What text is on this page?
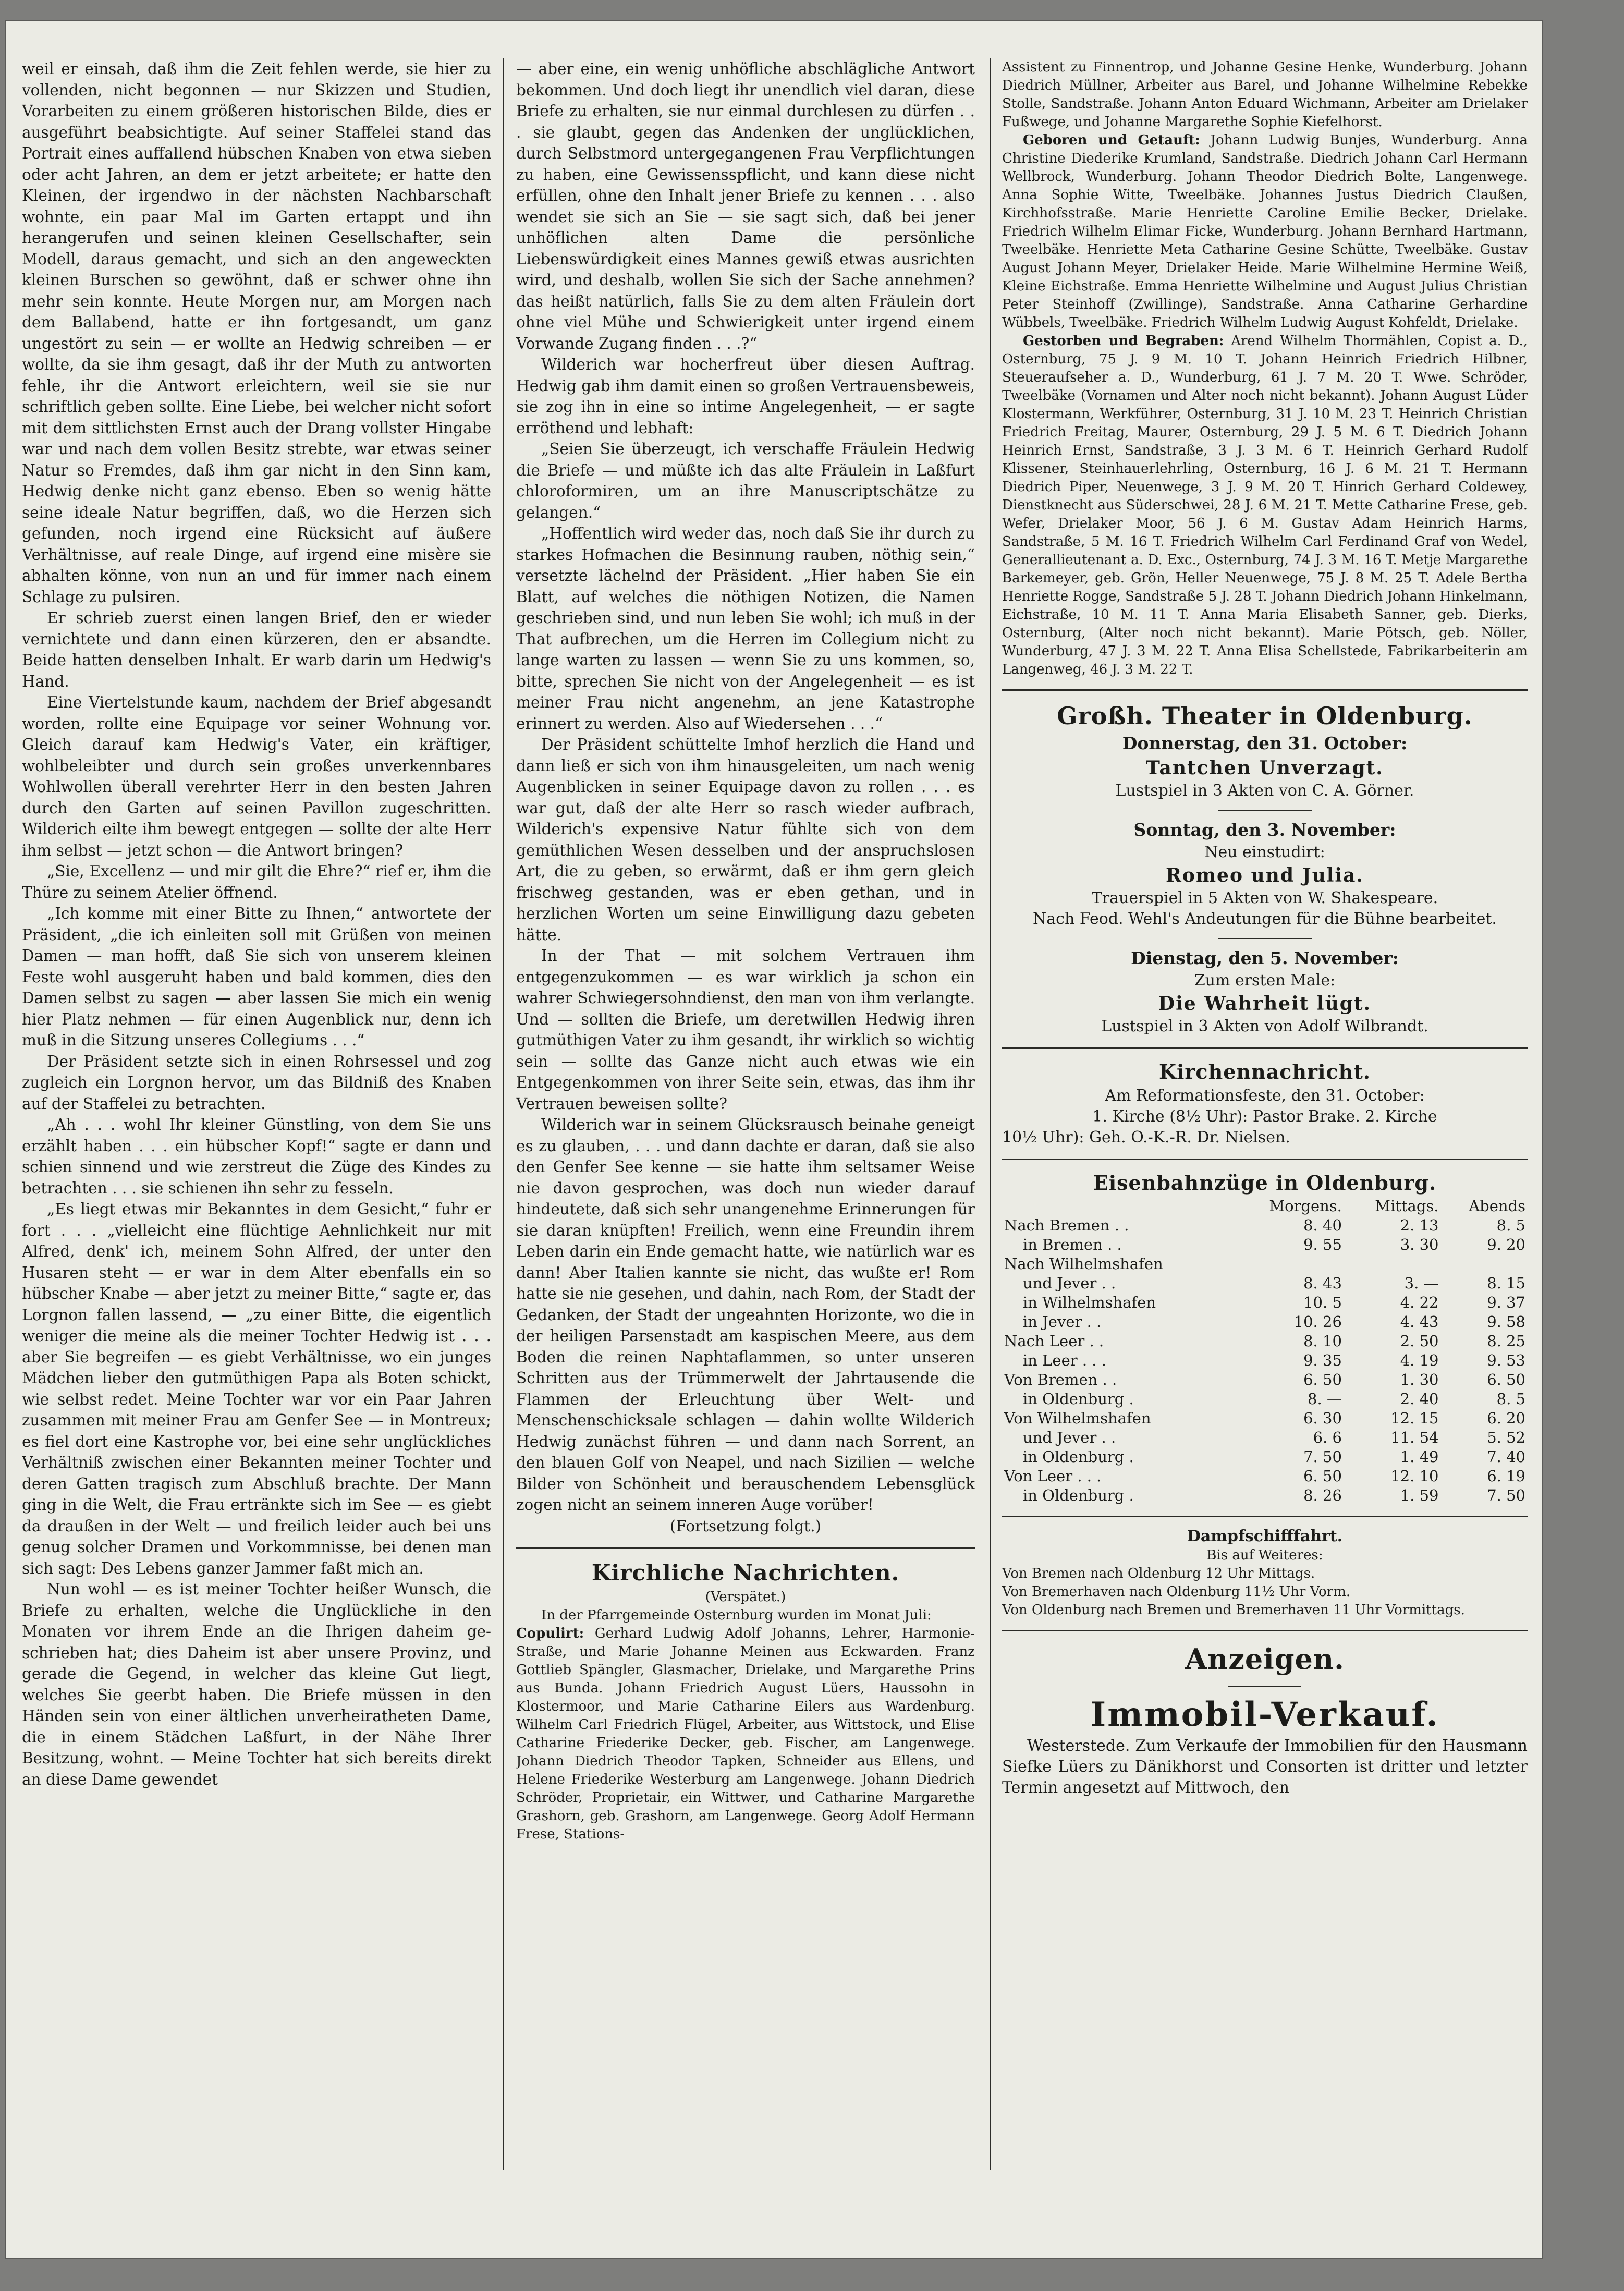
weil er einsah, daß ihm die Zeit fehlen werde, sie hier zu vollenden, nicht begonnen — nur Skizzen und Studien, Vorarbeiten zu einem größeren historischen Bilde, dies er ausgeführt beabsichtigte. Auf seiner Staffelei stand das Portrait eines auffallend hübschen Knaben von etwa sieben oder acht Jahren, an dem er jetzt arbeitete; er hatte den Kleinen, der irgendwo in der nächsten Nachbarschaft wohnte, ein paar Mal im Garten ertappt und ihn herangerufen und seinen kleinen Gesellschafter, sein Modell, daraus gemacht, und sich an den angeweckten kleinen Burschen so gewöhnt, daß er schwer ohne ihn mehr sein konnte. Heute Morgen nur, am Morgen nach dem Ballabend, hatte er ihn fortgesandt, um ganz ungestört zu sein — er wollte an Hedwig schreiben — er wollte, da sie ihm gesagt, daß ihr der Muth zu antworten fehle, ihr die Antwort erleichtern, weil sie sie nur schriftlich geben sollte. Eine Liebe, bei welcher nicht sofort mit dem sittlichsten Ernst auch der Drang vollster Hingabe war und nach dem vollen Besitz strebte, war etwas seiner Natur so Fremdes, daß ihm gar nicht in den Sinn kam, Hedwig denke nicht ganz ebenso. Eben so wenig hätte seine ideale Natur begriffen, daß, wo die Herzen sich gefunden, noch irgend eine Rücksicht auf äußere Verhältnisse, auf reale Dinge, auf irgend eine misère sie abhalten könne, von nun an und für immer nach einem Schlage zu pulsiren.
Er schrieb zuerst einen langen Brief, den er wieder vernichtete und dann einen kürzeren, den er absandte. Beide hatten denselben Inhalt. Er warb darin um Hedwig's Hand.
Eine Viertelstunde kaum, nachdem der Brief abgesandt worden, rollte eine Equipage vor seiner Wohnung vor. Gleich darauf kam Hedwig's Vater, ein kräftiger, wohlbeleibter und durch sein großes unverkennbares Wohlwollen überall verehrter Herr in den besten Jahren durch den Garten auf seinen Pavillon zugeschritten. Wilderich eilte ihm bewegt entgegen — sollte der alte Herr ihm selbst — jetzt schon — die Antwort bringen?
„Sie, Excellenz — und mir gilt die Ehre?“ rief er, ihm die Thüre zu seinem Atelier öffnend.
„Ich komme mit einer Bitte zu Ihnen,“ antwortete der Präsident, „die ich einleiten soll mit Grüßen von meinen Damen — man hofft, daß Sie sich von unserem kleinen Feste wohl ausgeruht haben und bald kommen, dies den Damen selbst zu sagen — aber lassen Sie mich ein wenig hier Platz nehmen — für einen Augenblick nur, denn ich muß in die Sitzung unseres Collegiums . . .“
Der Präsident setzte sich in einen Rohrsessel und zog zugleich ein Lorgnon hervor, um das Bildniß des Knaben auf der Staffelei zu betrachten.
„Ah . . . wohl Ihr kleiner Günstling, von dem Sie uns erzählt haben . . . ein hübscher Kopf!“ sagte er dann und schien sinnend und wie zerstreut die Züge des Kindes zu betrachten . . . sie schienen ihn sehr zu fesseln.
„Es liegt etwas mir Bekanntes in dem Gesicht,“ fuhr er fort . . . „vielleicht eine flüchtige Aehnlichkeit nur mit Alfred, denk' ich, meinem Sohn Alfred, der unter den Husaren steht — er war in dem Alter ebenfalls ein so hübscher Knabe — aber jetzt zu meiner Bitte,“ sagte er, das Lorgnon fallen lassend, — „zu einer Bitte, die eigentlich weniger die meine als die meiner Tochter Hedwig ist . . . aber Sie begreifen — es giebt Verhältnisse, wo ein junges Mädchen lieber den gutmüthigen Papa als Boten schickt, wie selbst redet. Meine Tochter war vor ein Paar Jahren zusammen mit meiner Frau am Genfer See — in Montreux; es fiel dort eine Kastrophe vor, bei eine sehr unglückliches Verhältniß zwischen einer Bekannten meiner Tochter und deren Gatten tragisch zum Abschluß brachte. Der Mann ging in die Welt, die Frau ertränkte sich im See — es giebt da draußen in der Welt — und freilich leider auch bei uns genug solcher Dramen und Vorkommnisse, bei denen man sich sagt: Des Lebens ganzer Jammer faßt mich an.
Nun wohl — es ist meiner Tochter heißer Wunsch, die Briefe zu erhalten, welche die Unglückliche in den Monaten vor ihrem Ende an die Ihrigen daheim geschrieben hat; dies Daheim ist aber unsere Provinz, und gerade die Gegend, in welcher das kleine Gut liegt, welches Sie geerbt haben. Die Briefe müssen in den Händen sein von einer ältlichen unverheiratheten Dame, die in einem Städchen Laßfurt, in der Nähe Ihrer Besitzung, wohnt. — Meine Tochter hat sich bereits direkt an diese Dame gewendet
— aber eine, ein wenig unhöfliche abschlägliche Antwort bekommen. Und doch liegt ihr unendlich viel daran, diese Briefe zu erhalten, sie nur einmal durchlesen zu dürfen . . . sie glaubt, gegen das Andenken der unglücklichen, durch Selbstmord untergegangenen Frau Verpflichtungen zu haben, eine Gewissensspflicht, und kann diese nicht erfüllen, ohne den Inhalt jener Briefe zu kennen . . . also wendet sie sich an Sie — sie sagt sich, daß bei jener unhöflichen alten Dame die persönliche Liebenswürdigkeit eines Mannes gewiß etwas ausrichten wird, und deshalb, wollen Sie sich der Sache annehmen? das heißt natürlich, falls Sie zu dem alten Fräulein dort ohne viel Mühe und Schwierigkeit unter irgend einem Vorwande Zugang finden . . .?“
Wilderich war hocherfreut über diesen Auftrag. Hedwig gab ihm damit einen so großen Vertrauensbeweis, sie zog ihn in eine so intime Angelegenheit, — er sagte erröthend und lebhaft:
„Seien Sie überzeugt, ich verschaffe Fräulein Hedwig die Briefe — und müßte ich das alte Fräulein in Laßfurt chloroformiren, um an ihre Manuscriptschätze zu gelangen.“
„Hoffentlich wird weder das, noch daß Sie ihr durch zu starkes Hofmachen die Besinnung rauben, nöthig sein,“ versetzte lächelnd der Präsident. „Hier haben Sie ein Blatt, auf welches die nöthigen Notizen, die Namen geschrieben sind, und nun leben Sie wohl; ich muß in der That aufbrechen, um die Herren im Collegium nicht zu lange warten zu lassen — wenn Sie zu uns kommen, so, bitte, sprechen Sie nicht von der Angelegenheit — es ist meiner Frau nicht angenehm, an jene Katastrophe erinnert zu werden. Also auf Wiedersehen . . .“
Der Präsident schüttelte Imhof herzlich die Hand und dann ließ er sich von ihm hinausgeleiten, um nach wenig Augenblicken in seiner Equipage davon zu rollen . . . es war gut, daß der alte Herr so rasch wieder aufbrach, Wilderich's expensive Natur fühlte sich von dem gemüthlichen Wesen desselben und der anspruchslosen Art, die zu geben, so erwärmt, daß er ihm gern gleich frischweg gestanden, was er eben gethan, und in herzlichen Worten um seine Einwilligung dazu gebeten hätte.
In der That — mit solchem Vertrauen ihm entgegenzukommen — es war wirklich ja schon ein wahrer Schwiegersohndienst, den man von ihm verlangte. Und — sollten die Briefe, um deretwillen Hedwig ihren gutmüthigen Vater zu ihm gesandt, ihr wirklich so wichtig sein — sollte das Ganze nicht auch etwas wie ein Entgegenkommen von ihrer Seite sein, etwas, das ihm ihr Vertrauen beweisen sollte?
Wilderich war in seinem Glücksrausch beinahe geneigt es zu glauben, . . . und dann dachte er daran, daß sie also den Genfer See kenne — sie hatte ihm seltsamer Weise nie davon gesprochen, was doch nun wieder darauf hindeutete, daß sich sehr unangenehme Erinnerungen für sie daran knüpften! Freilich, wenn eine Freundin ihrem Leben darin ein Ende gemacht hatte, wie natürlich war es dann! Aber Italien kannte sie nicht, das wußte er! Rom hatte sie nie gesehen, und dahin, nach Rom, der Stadt der Gedanken, der Stadt der ungeahnten Horizonte, wo die in der heiligen Parsenstadt am kaspischen Meere, aus dem Boden die reinen Naphtaflammen, so unter unseren Schritten aus der Trümmerwelt der Jahrtausende die Flammen der Erleuchtung über Welt- und Menschenschicksale schlagen — dahin wollte Wilderich Hedwig zunächst führen — und dann nach Sorrent, an den blauen Golf von Neapel, und nach Sizilien — welche Bilder von Schönheit und berauschendem Lebensglück zogen nicht an seinem inneren Auge vorüber!
(Fortsetzung folgt.)
Kirchliche Nachrichten.
(Verspätet.)
In der Pfarrgemeinde Osternburg wurden im Monat Juli:
Copulirt: Gerhard Ludwig Adolf Johanns, Lehrer, Harmonie-Straße, und Marie Johanne Meinen aus Eckwarden. Franz Gottlieb Spängler, Glasmacher, Drielake, und Margarethe Prins aus Bunda. Johann Friedrich August Lüers, Haussohn in Klostermoor, und Marie Catharine Eilers aus Wardenburg. Wilhelm Carl Friedrich Flügel, Arbeiter, aus Wittstock, und Elise Catharine Friederike Decker, geb. Fischer, am Langenwege. Johann Diedrich Theodor Tapken, Schneider aus Ellens, und Helene Friederike Westerburg am Langenwege. Johann Diedrich Schröder, Proprietair, ein Wittwer, und Catharine Margarethe Grashorn, geb. Grashorn, am Langenwege. Georg Adolf Hermann Frese, Stations-
Assistent zu Finnentrop, und Johanne Gesine Henke, Wunderburg. Johann Diedrich Müllner, Arbeiter aus Barel, und Johanne Wilhelmine Rebekke Stolle, Sandstraße. Johann Anton Eduard Wichmann, Arbeiter am Drielaker Fußwege, und Johanne Margarethe Sophie Kiefelhorst.
Geboren und Getauft: Johann Ludwig Bunjes, Wunderburg. Anna Christine Diederike Krumland, Sandstraße. Diedrich Johann Carl Hermann Wellbrock, Wunderburg. Johann Theodor Diedrich Bolte, Langenwege. Anna Sophie Witte, Tweelbäke. Johannes Justus Diedrich Claußen, Kirchhofsstraße. Marie Henriette Caroline Emilie Becker, Drielake. Friedrich Wilhelm Elimar Ficke, Wunderburg. Johann Bernhard Hartmann, Tweelbäke. Henriette Meta Catharine Gesine Schütte, Tweelbäke. Gustav August Johann Meyer, Drielaker Heide. Marie Wilhelmine Hermine Weiß, Kleine Eichstraße. Emma Henriette Wilhelmine und August Julius Christian Peter Steinhoff (Zwillinge), Sandstraße. Anna Catharine Gerhardine Wübbels, Tweelbäke. Friedrich Wilhelm Ludwig August Kohfeldt, Drielake.
Gestorben und Begraben: Arend Wilhelm Thormählen, Copist a. D., Osternburg, 75 J. 9 M. 10 T. Johann Heinrich Friedrich Hilbner, Steueraufseher a. D., Wunderburg, 61 J. 7 M. 20 T. Wwe. Schröder, Tweelbäke (Vornamen und Alter noch nicht bekannt). Johann August Lüder Klostermann, Werkführer, Osternburg, 31 J. 10 M. 23 T. Heinrich Christian Friedrich Freitag, Maurer, Osternburg, 29 J. 5 M. 6 T. Diedrich Johann Heinrich Ernst, Sandstraße, 3 J. 3 M. 6 T. Heinrich Gerhard Rudolf Klissener, Steinhauerlehrling, Osternburg, 16 J. 6 M. 21 T. Hermann Diedrich Piper, Neuenwege, 3 J. 9 M. 20 T. Hinrich Gerhard Coldewey, Dienstknecht aus Süderschwei, 28 J. 6 M. 21 T. Mette Catharine Frese, geb. Wefer, Drielaker Moor, 56 J. 6 M. Gustav Adam Heinrich Harms, Sandstraße, 5 M. 16 T. Friedrich Wilhelm Carl Ferdinand Graf von Wedel, Generallieutenant a. D. Exc., Osternburg, 74 J. 3 M. 16 T. Metje Margarethe Barkemeyer, geb. Grön, Heller Neuenwege, 75 J. 8 M. 25 T. Adele Bertha Henriette Rogge, Sandstraße 5 J. 28 T. Johann Diedrich Johann Hinkelmann, Eichstraße, 10 M. 11 T. Anna Maria Elisabeth Sanner, geb. Dierks, Osternburg, (Alter noch nicht bekannt). Marie Pötsch, geb. Nöller, Wunderburg, 47 J. 3 M. 22 T. Anna Elisa Schellstede, Fabrikarbeiterin am Langenweg, 46 J. 3 M. 22 T.
Großh. Theater in Oldenburg.
Donnerstag, den 31. October:
Tantchen Unverzagt.
Lustspiel in 3 Akten von C. A. Görner.
Sonntag, den 3. November:
Neu einstudirt:
Romeo und Julia.
Trauerspiel in 5 Akten von W. Shakespeare.
Nach Feod. Wehl's Andeutungen für die Bühne bearbeitet.
Dienstag, den 5. November:
Zum ersten Male:
Die Wahrheit lügt.
Lustspiel in 3 Akten von Adolf Wilbrandt.
Kirchennachricht.
Am Reformationsfeste, den 31. October:
1. Kirche (8½ Uhr): Pastor Brake. 2. Kirche
10½ Uhr): Geh. O.-K.-R. Dr. Nielsen.
Eisenbahnzüge in Oldenburg.
	Morgens.	Mittags.	Abends
Nach Bremen . .	8. 40	2. 13	8. 5
in Bremen . .	9. 55	3. 30	9. 20
Nach Wilhelmshafen			
und Jever . .	8. 43	3. —	8. 15
in Wilhelmshafen	10. 5	4. 22	9. 37
in Jever . .	10. 26	4. 43	9. 58
Nach Leer . .	8. 10	2. 50	8. 25
in Leer . . .	9. 35	4. 19	9. 53
Von Bremen . .	6. 50	1. 30	6. 50
in Oldenburg .	8. —	2. 40	8. 5
Von Wilhelmshafen	6. 30	12. 15	6. 20
und Jever . .	6. 6	11. 54	5. 52
in Oldenburg .	7. 50	1. 49	7. 40
Von Leer . . .	6. 50	12. 10	6. 19
in Oldenburg .	8. 26	1. 59	7. 50
Dampfschifffahrt.
Bis auf Weiteres:
Von Bremen nach Oldenburg 12 Uhr Mittags.
Von Bremerhaven nach Oldenburg 11½ Uhr Vorm.
Von Oldenburg nach Bremen und Bremerhaven 11 Uhr Vormittags.
Anzeigen.
Immobil-Verkauf.
Westerstede. Zum Verkaufe der Immobilien für den Hausmann Siefke Lüers zu Dänikhorst und Consorten ist dritter und letzter Termin angesetzt auf Mittwoch, den
